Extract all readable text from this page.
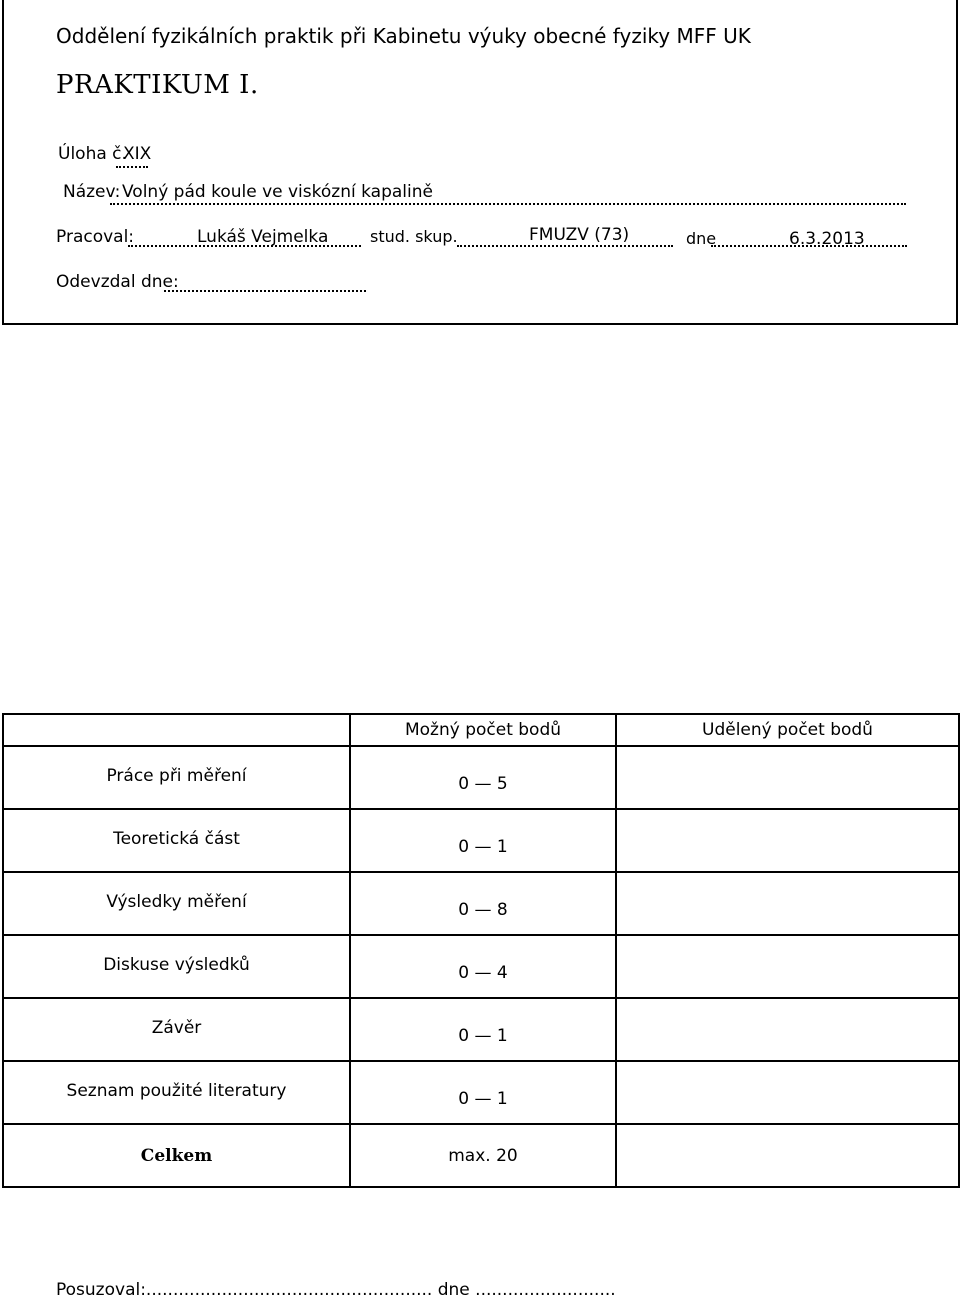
Oddělení fyzikálních praktik při Kabinetu výuky obecné fyziky MFF UK
PRAKTIKUM I.
Úloha č.
XIX
Název: Volný pád koule ve viskózní kapalině
Pracoval:	Lukáš Vejmelka	stud. skup.	FMUZV (73)	dne	6.3.2013
Odevzdal dne:
	Možný počet bodů	Udělený počet bodů
Práce při měření	0 — 5	
Teoretická část	0 — 1	
Výsledky měření	0 — 8	
Diskuse výsledků	0 — 4	
Závěr	0 — 1	
Seznam použité literatury	0 — 1	
Celkem	max. 20	
Posuzoval:..................................................... dne ..........................
